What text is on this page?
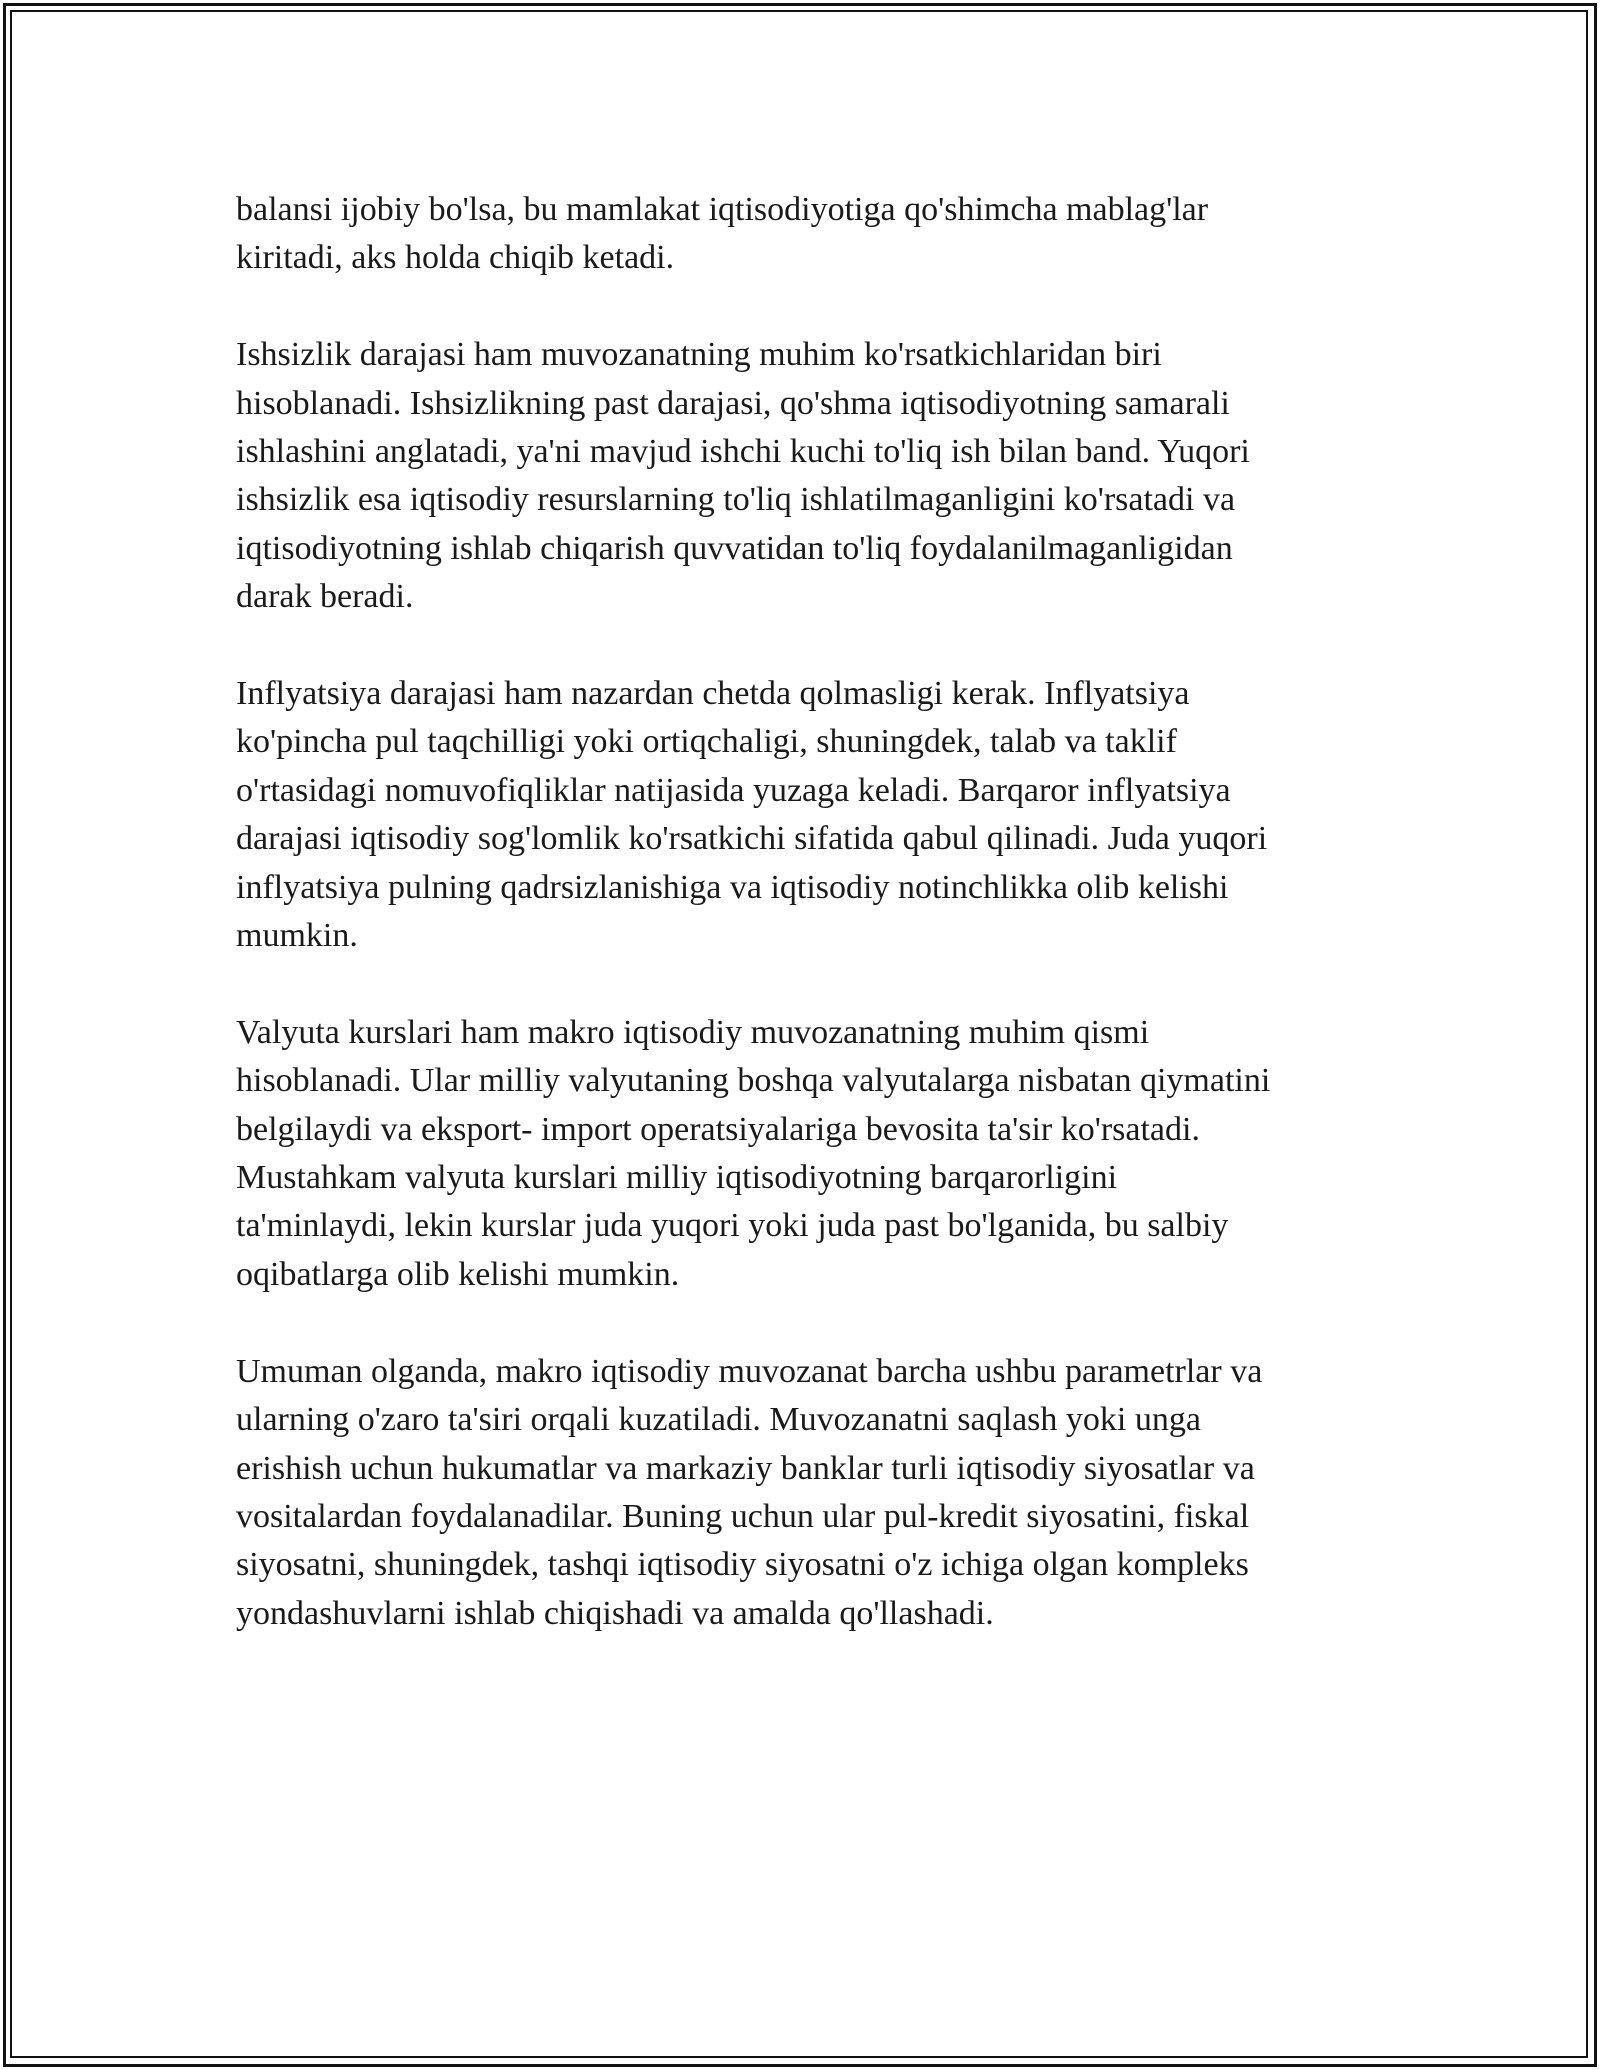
balansi ijobiy bo'lsa, bu mamlakat iqtisodiyotiga qo'shimcha mablag'lar
kiritadi, aks holda chiqib ketadi.

Ishsizlik darajasi ham muvozanatning muhim ko'rsatkichlaridan biri
hisoblanadi. Ishsizlikning past darajasi, qo'shma iqtisodiyotning samarali
ishlashini anglatadi, ya'ni mavjud ishchi kuchi to'liq ish bilan band. Yuqori
ishsizlik esa iqtisodiy resurslarning to'liq ishlatilmaganligini ko'rsatadi va
iqtisodiyotning ishlab chiqarish quvvatidan to'liq foydalanilmaganligidan
darak beradi.

Inflyatsiya darajasi ham nazardan chetda qolmasligi kerak. Inflyatsiya
ko'pincha pul taqchilligi yoki ortiqchaligi, shuningdek, talab va taklif
o'rtasidagi nomuvofiqliklar natijasida yuzaga keladi. Barqaror inflyatsiya
darajasi iqtisodiy sog'lomlik ko'rsatkichi sifatida qabul qilinadi. Juda yuqori
inflyatsiya pulning qadrsizlanishiga va iqtisodiy notinchlikka olib kelishi
mumkin.

Valyuta kurslari ham makro iqtisodiy muvozanatning muhim qismi
hisoblanadi. Ular milliy valyutaning boshqa valyutalarga nisbatan qiymatini
belgilaydi va eksport- import operatsiyalariga bevosita ta'sir ko'rsatadi.
Mustahkam valyuta kurslari milliy iqtisodiyotning barqarorligini
ta'minlaydi, lekin kurslar juda yuqori yoki juda past bo'lganida, bu salbiy
oqibatlarga olib kelishi mumkin.

Umuman olganda, makro iqtisodiy muvozanat barcha ushbu parametrlar va
ularning o'zaro ta'siri orqali kuzatiladi. Muvozanatni saqlash yoki unga
erishish uchun hukumatlar va markaziy banklar turli iqtisodiy siyosatlar va
vositalardan foydalanadilar. Buning uchun ular pul-kredit siyosatini, fiskal
siyosatni, shuningdek, tashqi iqtisodiy siyosatni o'z ichiga olgan kompleks
yondashuvlarni ishlab chiqishadi va amalda qo'llashadi.
